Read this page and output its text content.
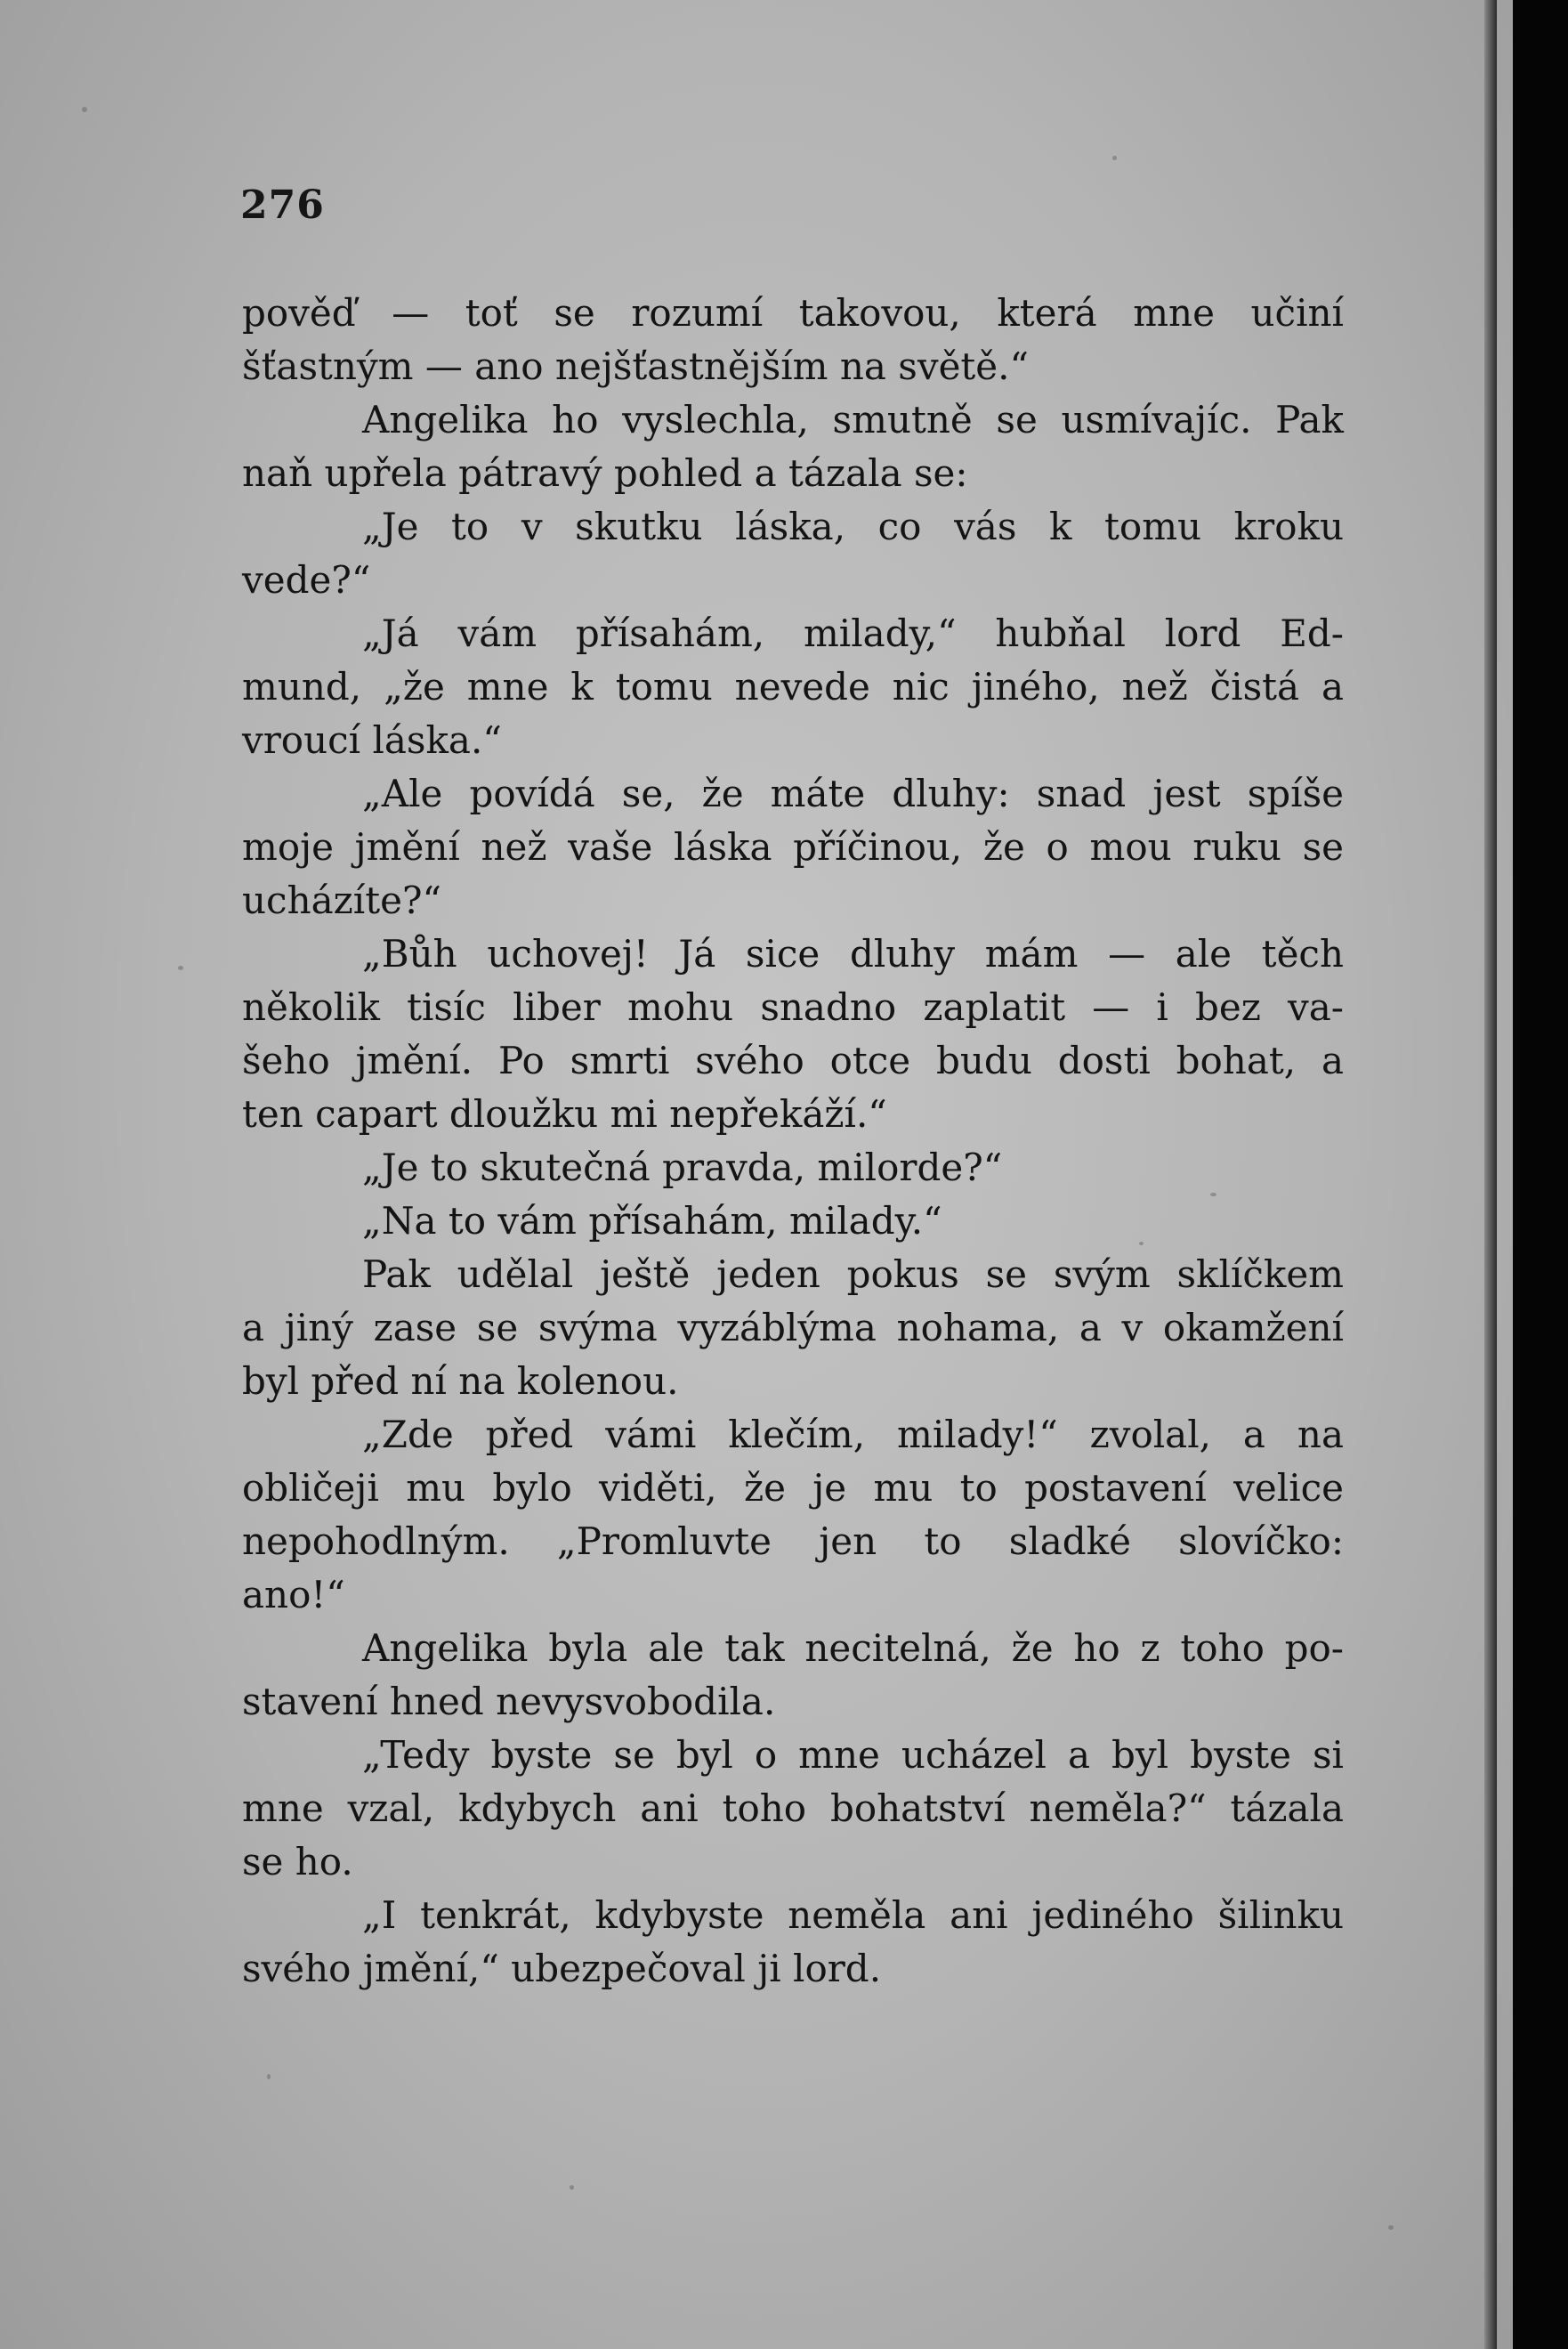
276
pověď — toť se rozumí takovou, která mne učiní
šťastným — ano nejšťastnějším na světě.“
Angelika ho vyslechla, smutně se usmívajíc. Pak
naň upřela pátravý pohled a tázala se:
„Je to v skutku láska, co vás k tomu kroku
vede?“
„Já vám přísahám, milady,“ hubňal lord Ed-
mund, „že mne k tomu nevede nic jiného, než čistá a
vroucí láska.“
„Ale povídá se, že máte dluhy: snad jest spíše
moje jmění než vaše láska příčinou, že o mou ruku se
ucházíte?“
„Bůh uchovej! Já sice dluhy mám — ale těch
několik tisíc liber mohu snadno zaplatit — i bez va-
šeho jmění. Po smrti svého otce budu dosti bohat, a
ten capart dloužku mi nepřekáží.“
„Je to skutečná pravda, milorde?“
„Na to vám přísahám, milady.“
Pak udělal ještě jeden pokus se svým sklíčkem
a jiný zase se svýma vyzáblýma nohama, a v okamžení
byl před ní na kolenou.
„Zde před vámi klečím, milady!“ zvolal, a na
obličeji mu bylo viděti, že je mu to postavení velice
nepohodlným. „Promluvte jen to sladké slovíčko:
ano!“
Angelika byla ale tak necitelná, že ho z toho po-
stavení hned nevysvobodila.
„Tedy byste se byl o mne ucházel a byl byste si
mne vzal, kdybych ani toho bohatství neměla?“ tázala
se ho.
„I tenkrát, kdybyste neměla ani jediného šilinku
svého jmění,“ ubezpečoval ji lord.
